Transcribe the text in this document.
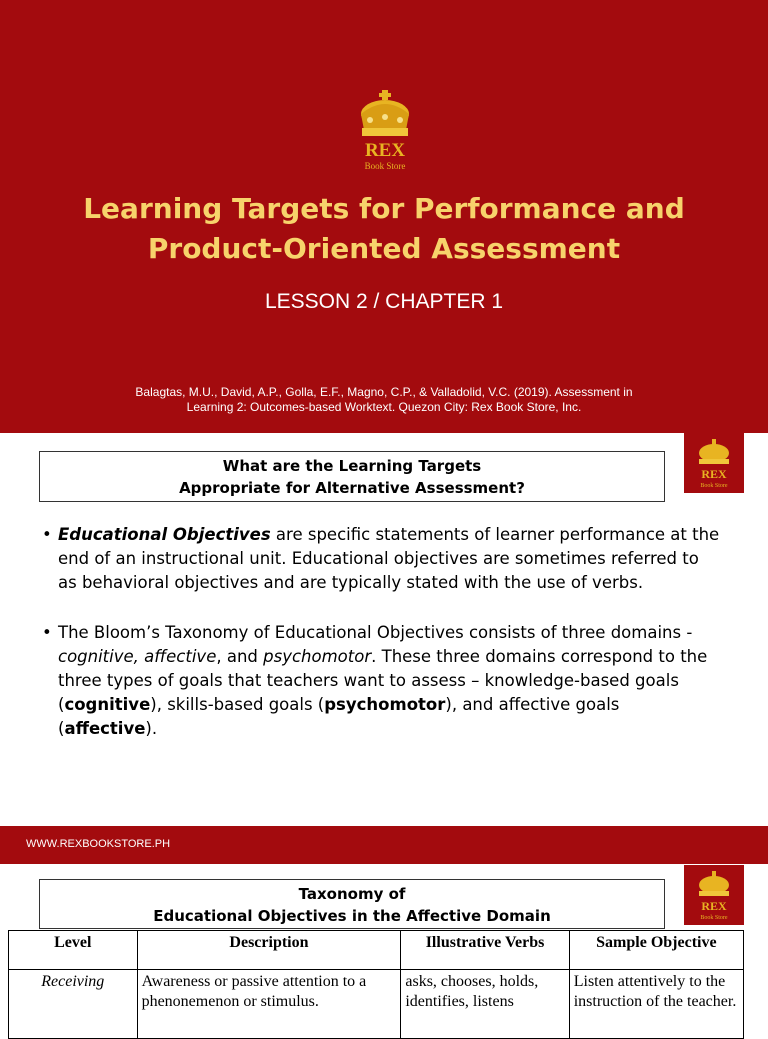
REX
Book Store
Learning Targets for Performance and
Product-Oriented Assessment
LESSON 2 / CHAPTER 1
Balagtas, M.U., David, A.P., Golla, E.F., Magno, C.P., & Valladolid, V.C. (2019). Assessment in
Learning 2: Outcomes-based Worktext. Quezon City: Rex Book Store, Inc.
What are the Learning Targets
Appropriate for Alternative Assessment?
REX
Book Store
• Educational Objectives are specific statements of learner performance at the end of an instructional unit. Educational objectives are sometimes referred to as behavioral objectives and are typically stated with the use of verbs.
• The Bloom’s Taxonomy of Educational Objectives consists of three domains - cognitive, affective, and psychomotor. These three domains correspond to the three types of goals that teachers want to assess – knowledge-based goals (cognitive), skills-based goals (psychomotor), and affective goals (affective).
WWW.REXBOOKSTORE.PH
Taxonomy of
Educational Objectives in the Affective Domain
REX
Book Store
Level	Description	Illustrative Verbs	Sample Objective
Receiving	Awareness or passive attention to a phenonemenon or stimulus.	asks, chooses, holds, identifies, listens	Listen attentively to the instruction of the teacher.
